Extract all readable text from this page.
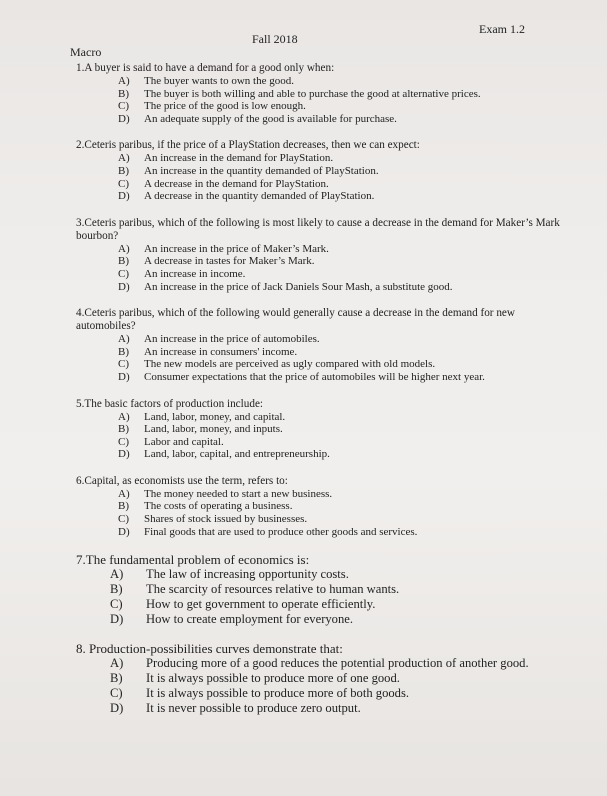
Macro
Fall 2018
Exam 1.2
1.A buyer is said to have a demand for a good only when:
A)	The buyer wants to own the good.
B)	The buyer is both willing and able to purchase the good at alternative prices.
C)	The price of the good is low enough.
D)	An adequate supply of the good is available for purchase.
2.Ceteris paribus, if the price of a PlayStation decreases, then we can expect:
A)	An increase in the demand for PlayStation.
B)	An increase in the quantity demanded of PlayStation.
C)	A decrease in the demand for PlayStation.
D)	A decrease in the quantity demanded of PlayStation.
3.Ceteris paribus, which of the following is most likely to cause a decrease in the demand for Maker’s Mark bourbon?
A)	An increase in the price of Maker’s Mark.
B)	A decrease in tastes for Maker’s Mark.
C)	An increase in income.
D)	An increase in the price of Jack Daniels Sour Mash, a substitute good.
4.Ceteris paribus, which of the following would generally cause a decrease in the demand for new automobiles?
A)	An increase in the price of automobiles.
B)	An increase in consumers' income.
C)	The new models are perceived as ugly compared with old models.
D)	Consumer expectations that the price of automobiles will be higher next year.
5.The basic factors of production include:
A)	Land, labor, money, and capital.
B)	Land, labor, money, and inputs.
C)	Labor and capital.
D)	Land, labor, capital, and entrepreneurship.
6.Capital, as economists use the term, refers to:
A)	The money needed to start a new business.
B)	The costs of operating a business.
C)	Shares of stock issued by businesses.
D)	Final goods that are used to produce other goods and services.
7.The fundamental problem of economics is:
A)	The law of increasing opportunity costs.
B)	The scarcity of resources relative to human wants.
C)	How to get government to operate efficiently.
D)	How to create employment for everyone.
8. Production-possibilities curves demonstrate that:
A)	Producing more of a good reduces the potential production of another good.
B)	It is always possible to produce more of one good.
C)	It is always possible to produce more of both goods.
D)	It is never possible to produce zero output.
